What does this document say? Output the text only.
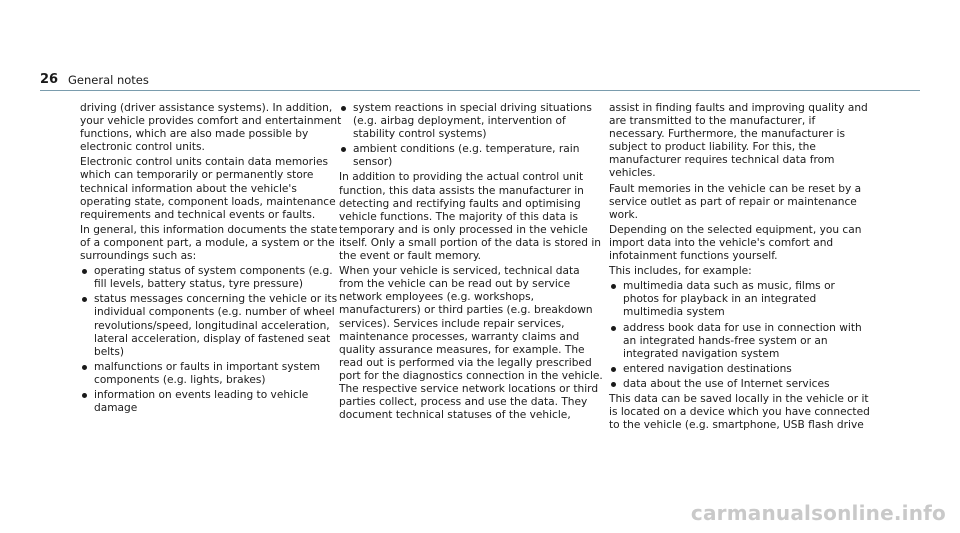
26 General notes

driving (driver assistance systems). In addition, your vehicle provides comfort and entertainment functions, which are also made possible by electronic control units.

Electronic control units contain data memories which can temporarily or permanently store technical information about the vehicle's operating state, component loads, maintenance requirements and technical events or faults.

In general, this information documents the state of a component part, a module, a system or the surroundings such as:

operating status of system components (e.g. fill levels, battery status, tyre pressure)
status messages concerning the vehicle or its individual components (e.g. number of wheel revolutions/speed, longitudinal acceleration, lateral acceleration, display of fastened seat belts)
malfunctions or faults in important system components (e.g. lights, brakes)
information on events leading to vehicle damage
system reactions in special driving situations (e.g. airbag deployment, intervention of stability control systems)
ambient conditions (e.g. temperature, rain sensor)

In addition to providing the actual control unit function, this data assists the manufacturer in detecting and rectifying faults and optimising vehicle functions. The majority of this data is temporary and is only processed in the vehicle itself. Only a small portion of the data is stored in the event or fault memory.

When your vehicle is serviced, technical data from the vehicle can be read out by service network employees (e.g. workshops, manufacturers) or third parties (e.g. breakdown services). Services include repair services, maintenance processes, warranty claims and quality assurance measures, for example. The read out is performed via the legally prescribed port for the diagnostics connection in the vehicle. The respective service network locations or third parties collect, process and use the data. They document technical statuses of the vehicle,

assist in finding faults and improving quality and are transmitted to the manufacturer, if necessary. Furthermore, the manufacturer is subject to product liability. For this, the manufacturer requires technical data from vehicles.

Fault memories in the vehicle can be reset by a service outlet as part of repair or maintenance work.

Depending on the selected equipment, you can import data into the vehicle's comfort and infotainment functions yourself.

This includes, for example:

multimedia data such as music, films or photos for playback in an integrated multimedia system
address book data for use in connection with an integrated hands-free system or an integrated navigation system
entered navigation destinations
data about the use of Internet services

This data can be saved locally in the vehicle or it is located on a device which you have connected to the vehicle (e.g. smartphone, USB flash drive

carmanualsonline.info
